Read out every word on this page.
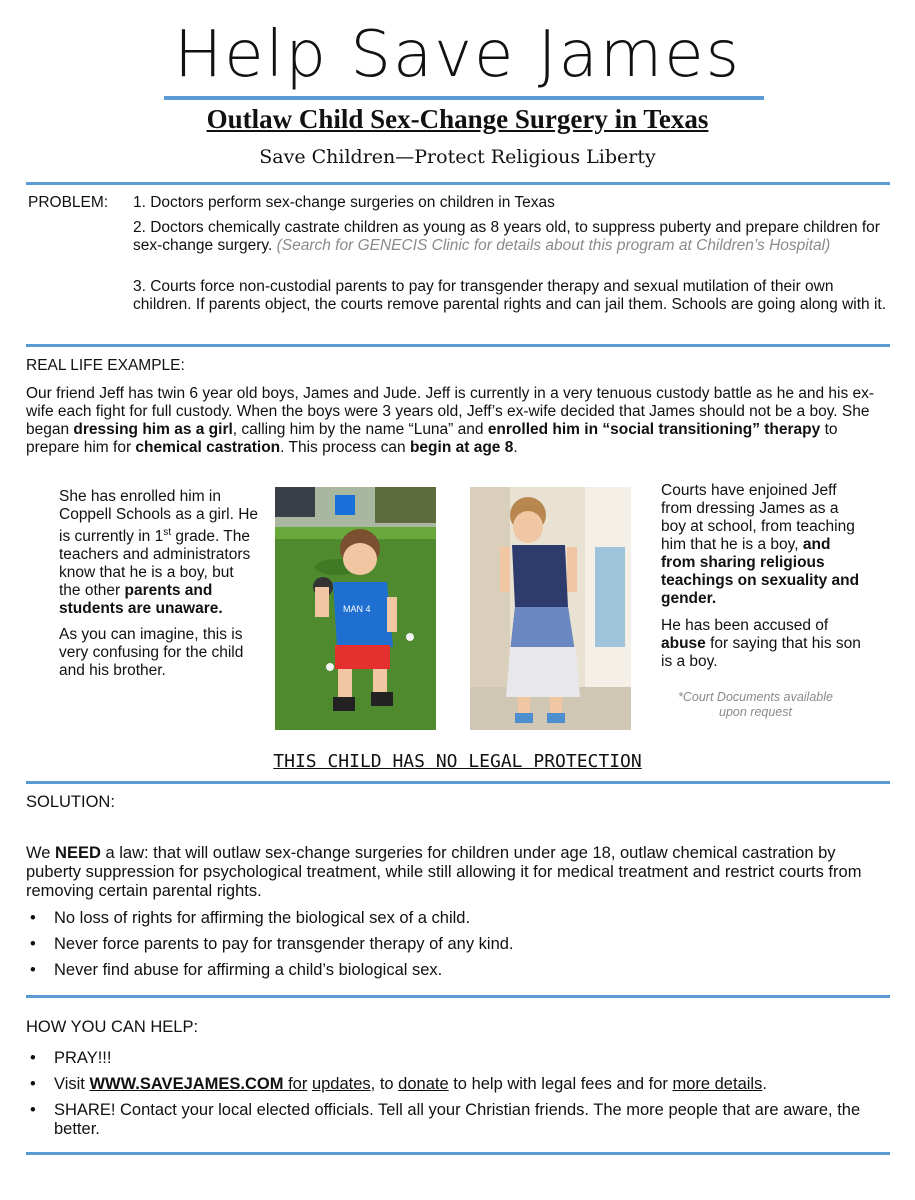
Help Save James
Outlaw Child Sex-Change Surgery in Texas
Save Children—Protect Religious Liberty
PROBLEM: 1. Doctors perform sex-change surgeries on children in Texas
2. Doctors chemically castrate children as young as 8 years old, to suppress puberty and prepare children for sex-change surgery. (Search for GENECIS Clinic for details about this program at Children’s Hospital)
3. Courts force non-custodial parents to pay for transgender therapy and sexual mutilation of their own children. If parents object, the courts remove parental rights and can jail them. Schools are going along with it.
REAL LIFE EXAMPLE:
Our friend Jeff has twin 6 year old boys, James and Jude. Jeff is currently in a very tenuous custody battle as he and his ex-wife each fight for full custody. When the boys were 3 years old, Jeff’s ex-wife decided that James should not be a boy. She began dressing him as a girl, calling him by the name “Luna” and enrolled him in “social transitioning” therapy to prepare him for chemical castration. This process can begin at age 8.
She has enrolled him in Coppell Schools as a girl. He is currently in 1st grade. The teachers and administrators know that he is a boy, but the other parents and students are unaware.
As you can imagine, this is very confusing for the child and his brother.
MAN 4
Courts have enjoined Jeff from dressing James as a boy at school, from teaching him that he is a boy, and from sharing religious teachings on sexuality and gender.
He has been accused of abuse for saying that his son is a boy.
*Court Documents available upon request
THIS CHILD HAS NO LEGAL PROTECTION
SOLUTION:
We NEED a law: that will outlaw sex-change surgeries for children under age 18, outlaw chemical castration by puberty suppression for psychological treatment, while still allowing it for medical treatment and restrict courts from removing certain parental rights.
• No loss of rights for affirming the biological sex of a child.
• Never force parents to pay for transgender therapy of any kind.
• Never find abuse for affirming a child’s biological sex.
HOW YOU CAN HELP:
• PRAY!!!
• Visit WWW.SAVEJAMES.COM for updates, to donate to help with legal fees and for more details.
• SHARE! Contact your local elected officials. Tell all your Christian friends. The more people that are aware, the better.
